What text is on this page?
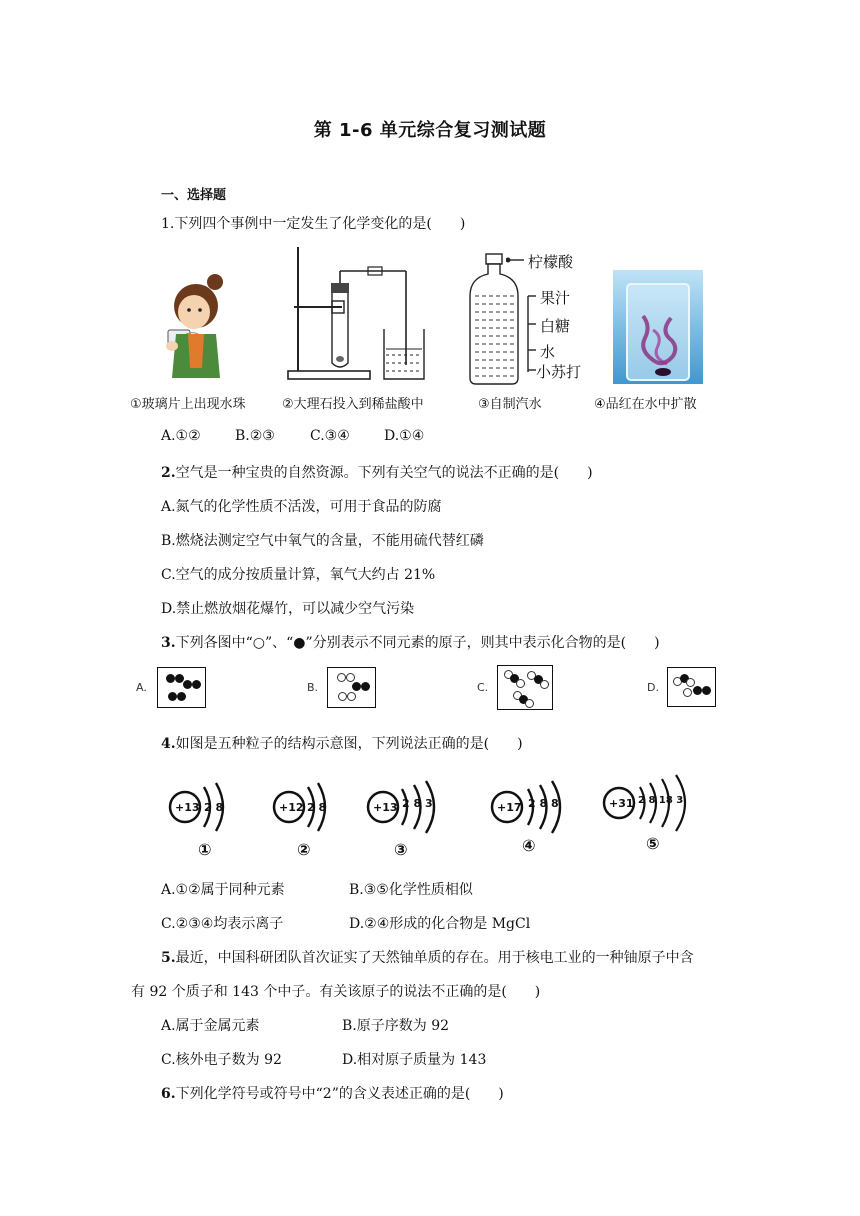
第 1-6 单元综合复习测试题
一、选择题
1.下列四个事例中一定发生了化学变化的是(　　)
柠檬酸
果汁
白糖
水
小苏打
①玻璃片上出现水珠	②大理石投入到稀盐酸中	③自制汽水	④品红在水中扩散
A.①② B.②③	C.③④ D.①④
2.空气是一种宝贵的自然资源。下列有关空气的说法不正确的是(　　)
A.氮气的化学性质不活泼，可用于食品的防腐
B.燃烧法测定空气中氧气的含量，不能用硫代替红磷
C.空气的成分按质量计算，氧气大约占 21%
D.禁止燃放烟花爆竹，可以减少空气污染
3.下列各图中“○”、“●”分别表示不同元素的原子，则其中表示化合物的是(　　)
A.	B.	C.	D.
4.如图是五种粒子的结构示意图，下列说法正确的是(　　)
+13 2 8
①
+12 2 8
②
+13 2 8 3
③
+17 2 8 8
④
+31 2 8 18 3
⑤
A.①②属于同种元素	B.③⑤化学性质相似
C.②③④均表示离子	D.②④形成的化合物是 MgCl
5.最近，中国科研团队首次证实了天然铀单质的存在。用于核电工业的一种铀原子中含
有 92 个质子和 143 个中子。有关该原子的说法不正确的是(　　)
A.属于金属元素	B.原子序数为 92
C.核外电子数为 92	D.相对原子质量为 143
6.下列化学符号或符号中“2”的含义表述正确的是(　　)
